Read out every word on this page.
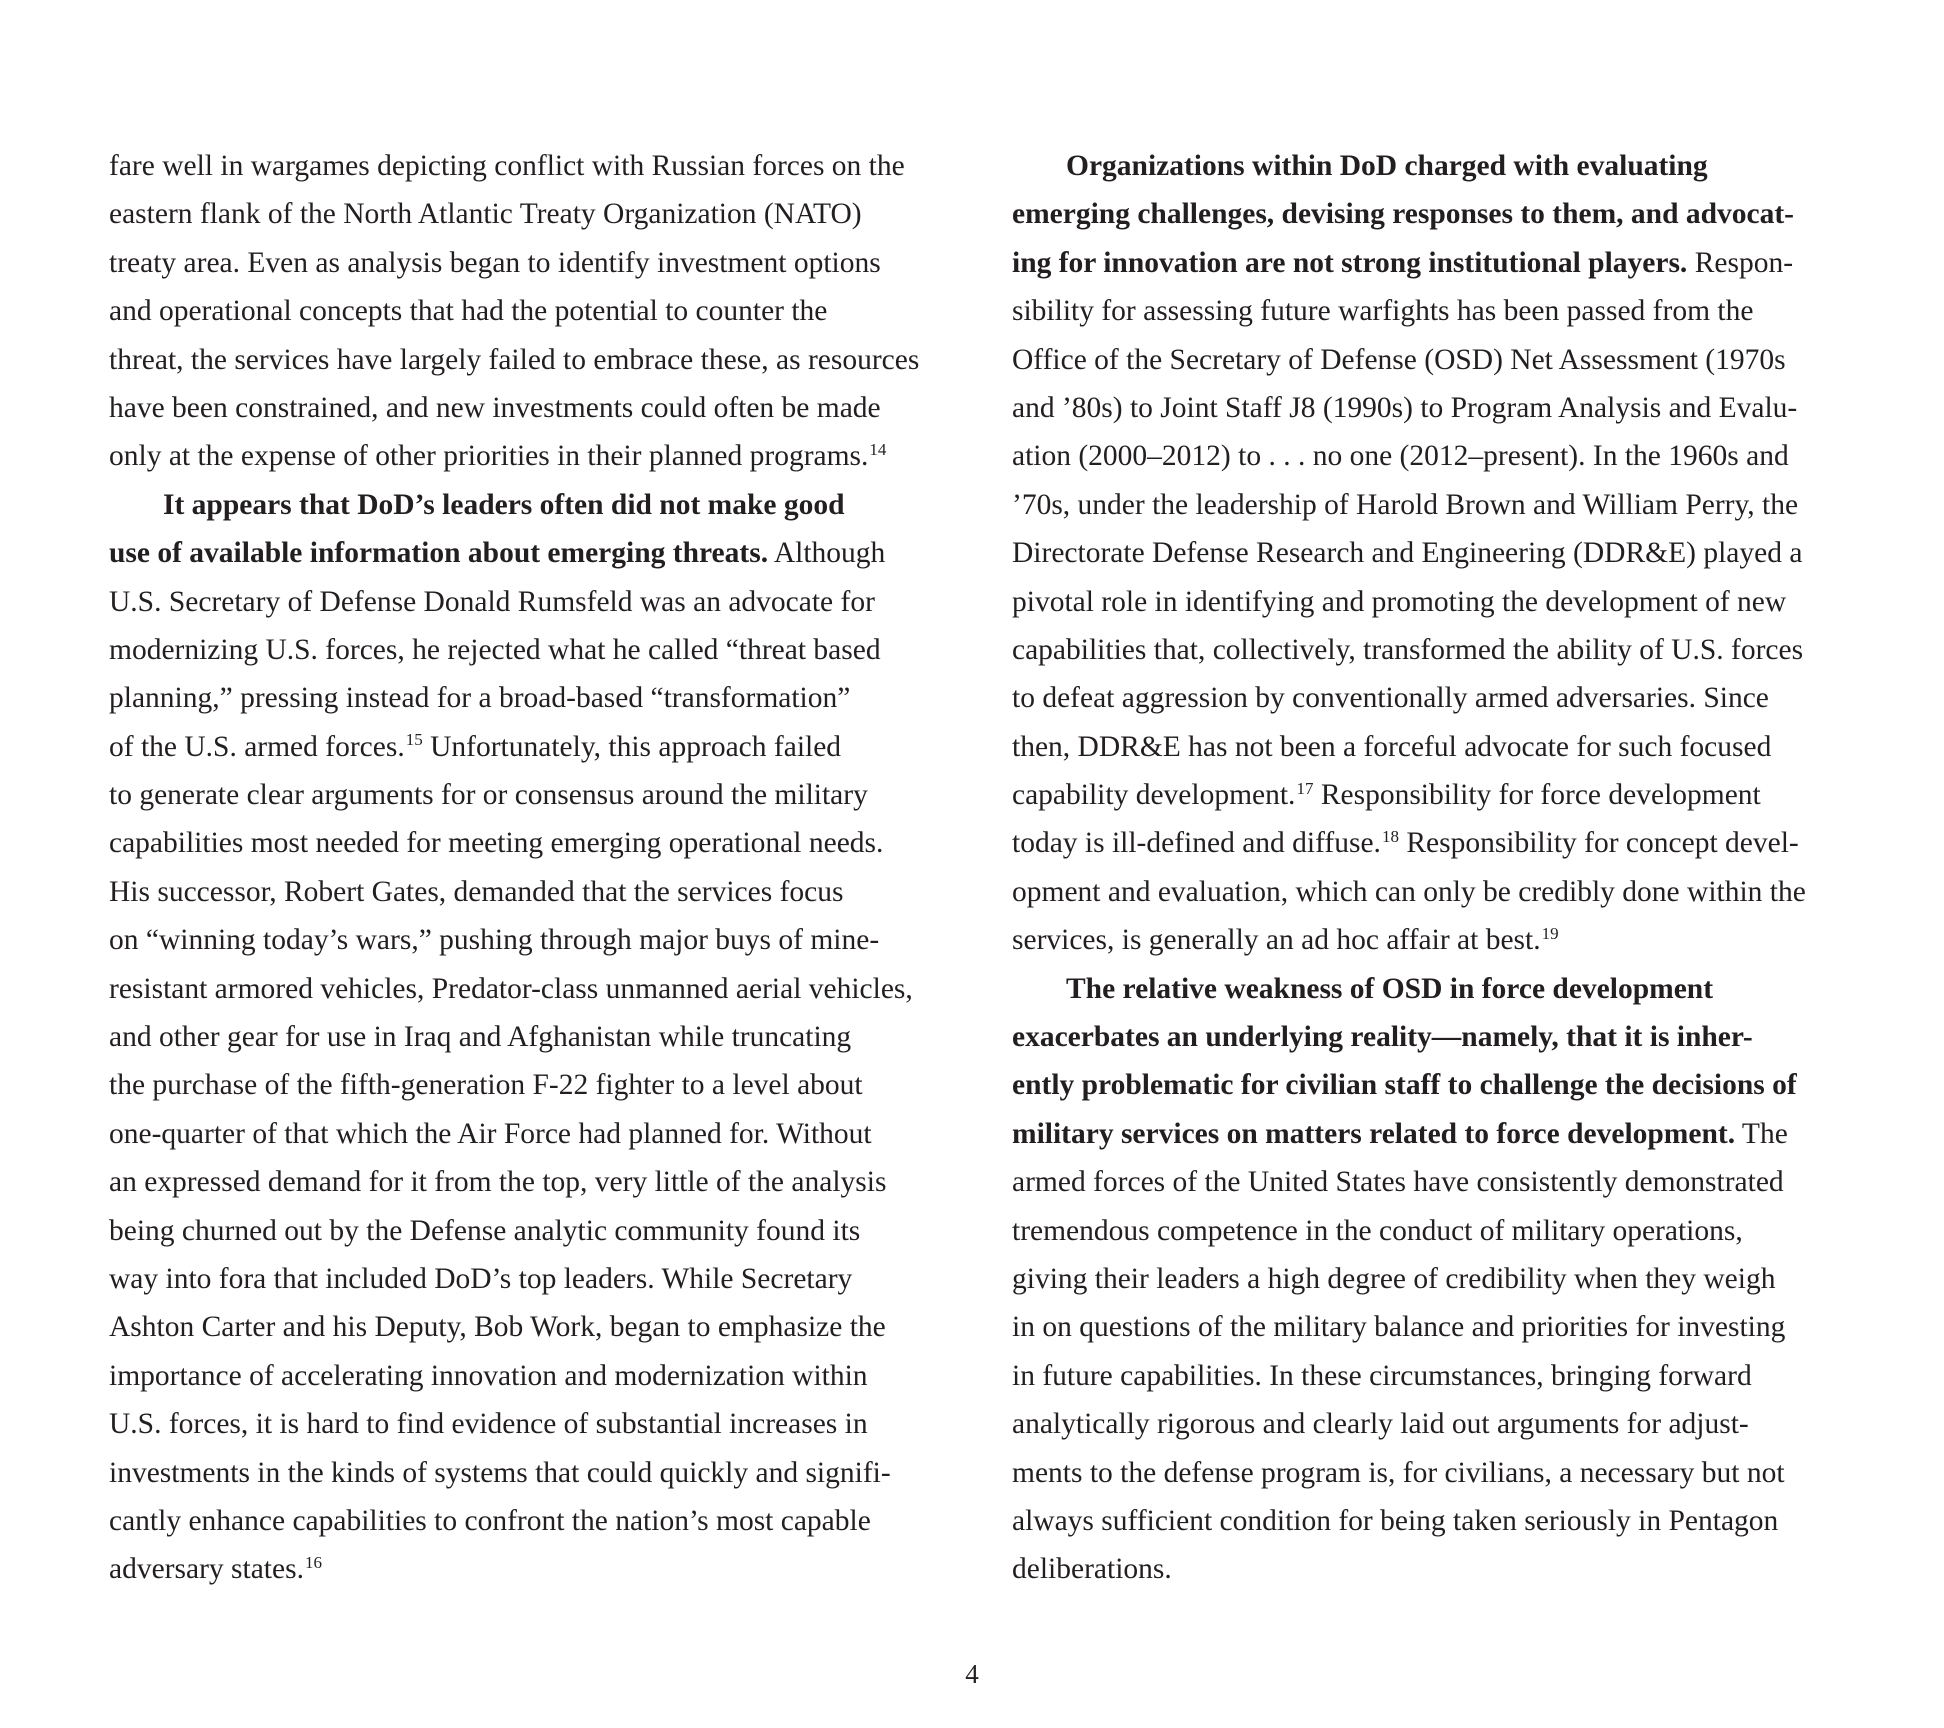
fare well in wargames depicting conflict with Russian forces on the
eastern flank of the North Atlantic Treaty Organization (NATO)
treaty area. Even as analysis began to identify investment options
and operational concepts that had the potential to counter the
threat, the services have largely failed to embrace these, as resources
have been constrained, and new investments could often be made
only at the expense of other priorities in their planned programs.$^{14}$
It appears that DoD’s leaders often did not make good
use of available information about emerging threats. Although
U.S. Secretary of Defense Donald Rumsfeld was an advocate for
modernizing U.S. forces, he rejected what he called “threat based
planning,” pressing instead for a broad-based “transformation”
of the U.S. armed forces.$^{15}$ Unfortunately, this approach failed
to generate clear arguments for or consensus around the military
capabilities most needed for meeting emerging operational needs.
His successor, Robert Gates, demanded that the services focus
on “winning today’s wars,” pushing through major buys of mine-
resistant armored vehicles, Predator-class unmanned aerial vehicles,
and other gear for use in Iraq and Afghanistan while truncating
the purchase of the fifth-generation F-22 fighter to a level about
one-quarter of that which the Air Force had planned for. Without
an expressed demand for it from the top, very little of the analysis
being churned out by the Defense analytic community found its
way into fora that included DoD’s top leaders. While Secretary
Ashton Carter and his Deputy, Bob Work, began to emphasize the
importance of accelerating innovation and modernization within
U.S. forces, it is hard to find evidence of substantial increases in
investments in the kinds of systems that could quickly and signifi-
cantly enhance capabilities to confront the nation’s most capable
adversary states.$^{16}$
Organizations within DoD charged with evaluating
emerging challenges, devising responses to them, and advocat-
ing for innovation are not strong institutional players. Respon-
sibility for assessing future warfights has been passed from the
Office of the Secretary of Defense (OSD) Net Assessment (1970s
and ’80s) to Joint Staff J8 (1990s) to Program Analysis and Evalu-
ation (2000–2012) to . . . no one (2012–present). In the 1960s and
’70s, under the leadership of Harold Brown and William Perry, the
Directorate Defense Research and Engineering (DDR&E) played a
pivotal role in identifying and promoting the development of new
capabilities that, collectively, transformed the ability of U.S. forces
to defeat aggression by conventionally armed adversaries. Since
then, DDR&E has not been a forceful advocate for such focused
capability development.$^{17}$ Responsibility for force development
today is ill-defined and diffuse.$^{18}$ Responsibility for concept devel-
opment and evaluation, which can only be credibly done within the
services, is generally an ad hoc affair at best.$^{19}$
The relative weakness of OSD in force development
exacerbates an underlying reality—namely, that it is inher-
ently problematic for civilian staff to challenge the decisions of
military services on matters related to force development. The
armed forces of the United States have consistently demonstrated
tremendous competence in the conduct of military operations,
giving their leaders a high degree of credibility when they weigh
in on questions of the military balance and priorities for investing
in future capabilities. In these circumstances, bringing forward
analytically rigorous and clearly laid out arguments for adjust-
ments to the defense program is, for civilians, a necessary but not
always sufficient condition for being taken seriously in Pentagon
deliberations.
4
